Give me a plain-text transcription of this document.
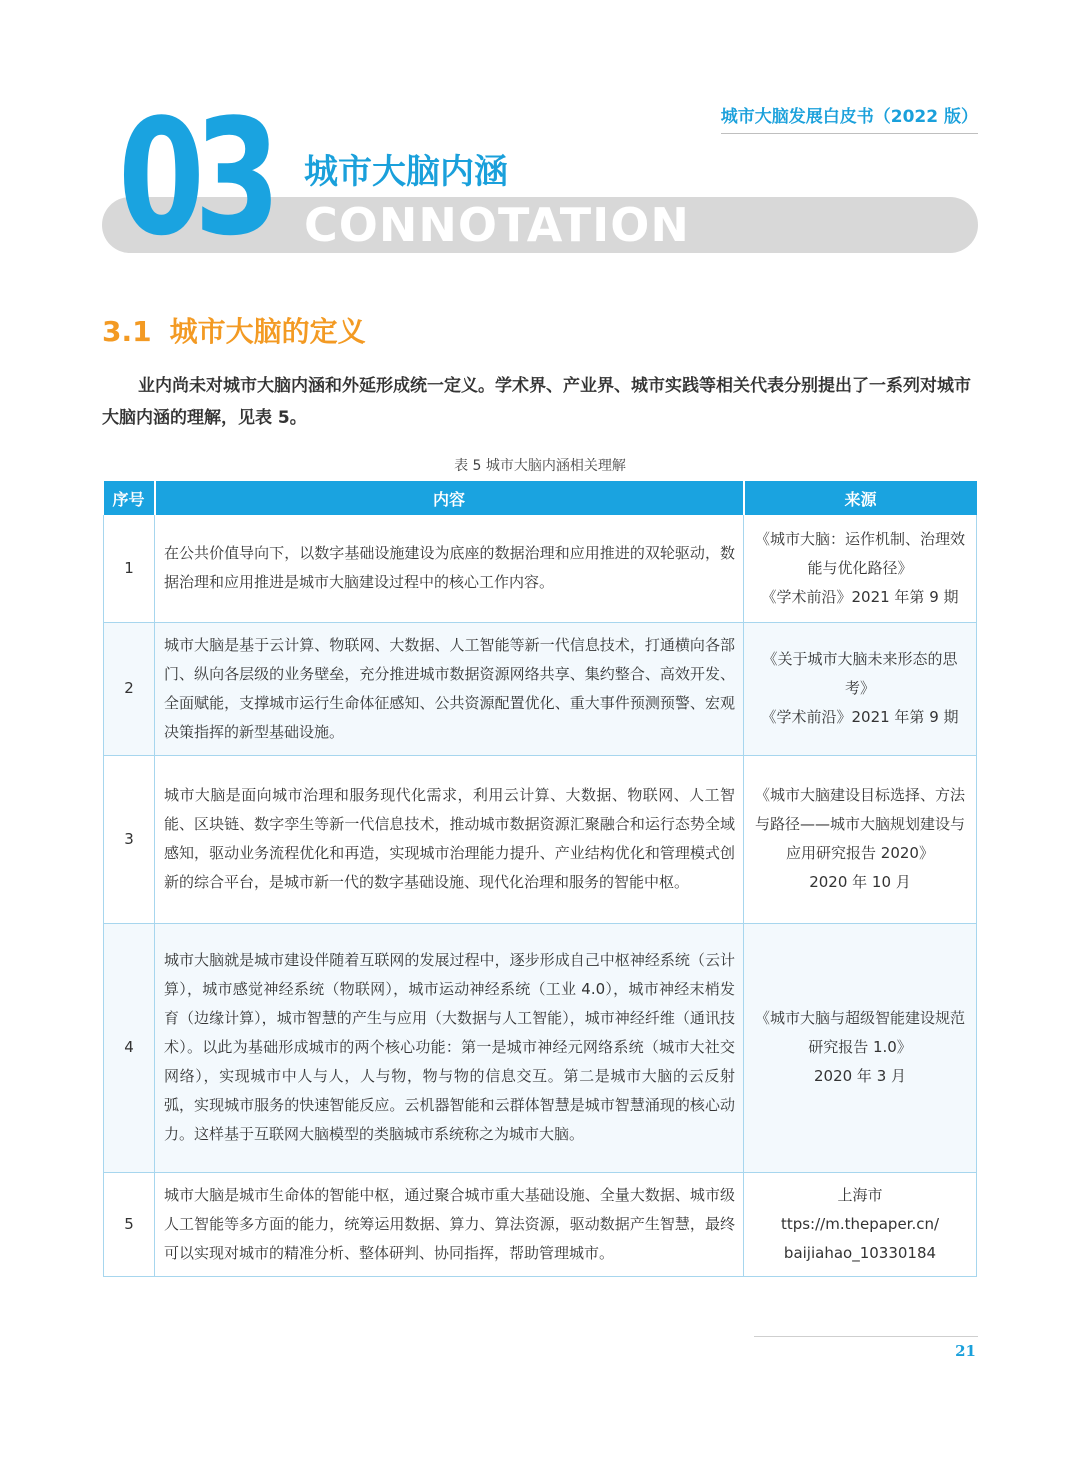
城市大脑发展白皮书（2022 版）
03 城市大脑内涵
CONNOTATION
3.1 城市大脑的定义
业内尚未对城市大脑内涵和外延形成统一定义。学术界、产业界、城市实践等相关代表分别提出了一系列对城市大脑内涵的理解，见表 5。
表 5 城市大脑内涵相关理解
序号	内容	来源
1	在公共价值导向下，以数字基础设施建设为底座的数据治理和应用推进的双轮驱动，数据治理和应用推进是城市大脑建设过程中的核心工作内容。	《城市大脑：运作机制、治理效能与优化路径》
《学术前沿》2021 年第 9 期

2	城市大脑是基于云计算、物联网、大数据、人工智能等新一代信息技术，打通横向各部门、纵向各层级的业务壁垒，充分推进城市数据资源网络共享、集约整合、高效开发、全面赋能，支撑城市运行生命体征感知、公共资源配置优化、重大事件预测预警、宏观决策指挥的新型基础设施。	《关于城市大脑未来形态的思考》
《学术前沿》2021 年第 9 期

3	城市大脑是面向城市治理和服务现代化需求，利用云计算、大数据、物联网、人工智能、区块链、数字孪生等新一代信息技术，推动城市数据资源汇聚融合和运行态势全域感知，驱动业务流程优化和再造，实现城市治理能力提升、产业结构优化和管理模式创新的综合平台，是城市新一代的数字基础设施、现代化治理和服务的智能中枢。	《城市大脑建设目标选择、方法与路径——城市大脑规划建设与应用研究报告 2020》
2020 年 10 月

4	城市大脑就是城市建设伴随着互联网的发展过程中，逐步形成自己中枢神经系统（云计算），城市感觉神经系统（物联网），城市运动神经系统（工业 4.0），城市神经末梢发育（边缘计算），城市智慧的产生与应用（大数据与人工智能），城市神经纤维（通讯技术）。以此为基础形成城市的两个核心功能：第一是城市神经元网络系统（城市大社交网络），实现城市中人与人，人与物，物与物的信息交互。第二是城市大脑的云反射弧，实现城市服务的快速智能反应。云机器智能和云群体智慧是城市智慧涌现的核心动力。这样基于互联网大脑模型的类脑城市系统称之为城市大脑。	《城市大脑与超级智能建设规范研究报告 1.0》
2020 年 3 月

5	城市大脑是城市生命体的智能中枢，通过聚合城市重大基础设施、全量大数据、城市级人工智能等多方面的能力，统筹运用数据、算力、算法资源，驱动数据产生智慧，最终可以实现对城市的精准分析、整体研判、协同指挥，帮助管理城市。	上海市
ttps://m.thepaper.cn/
baijiahao_10330184
21
